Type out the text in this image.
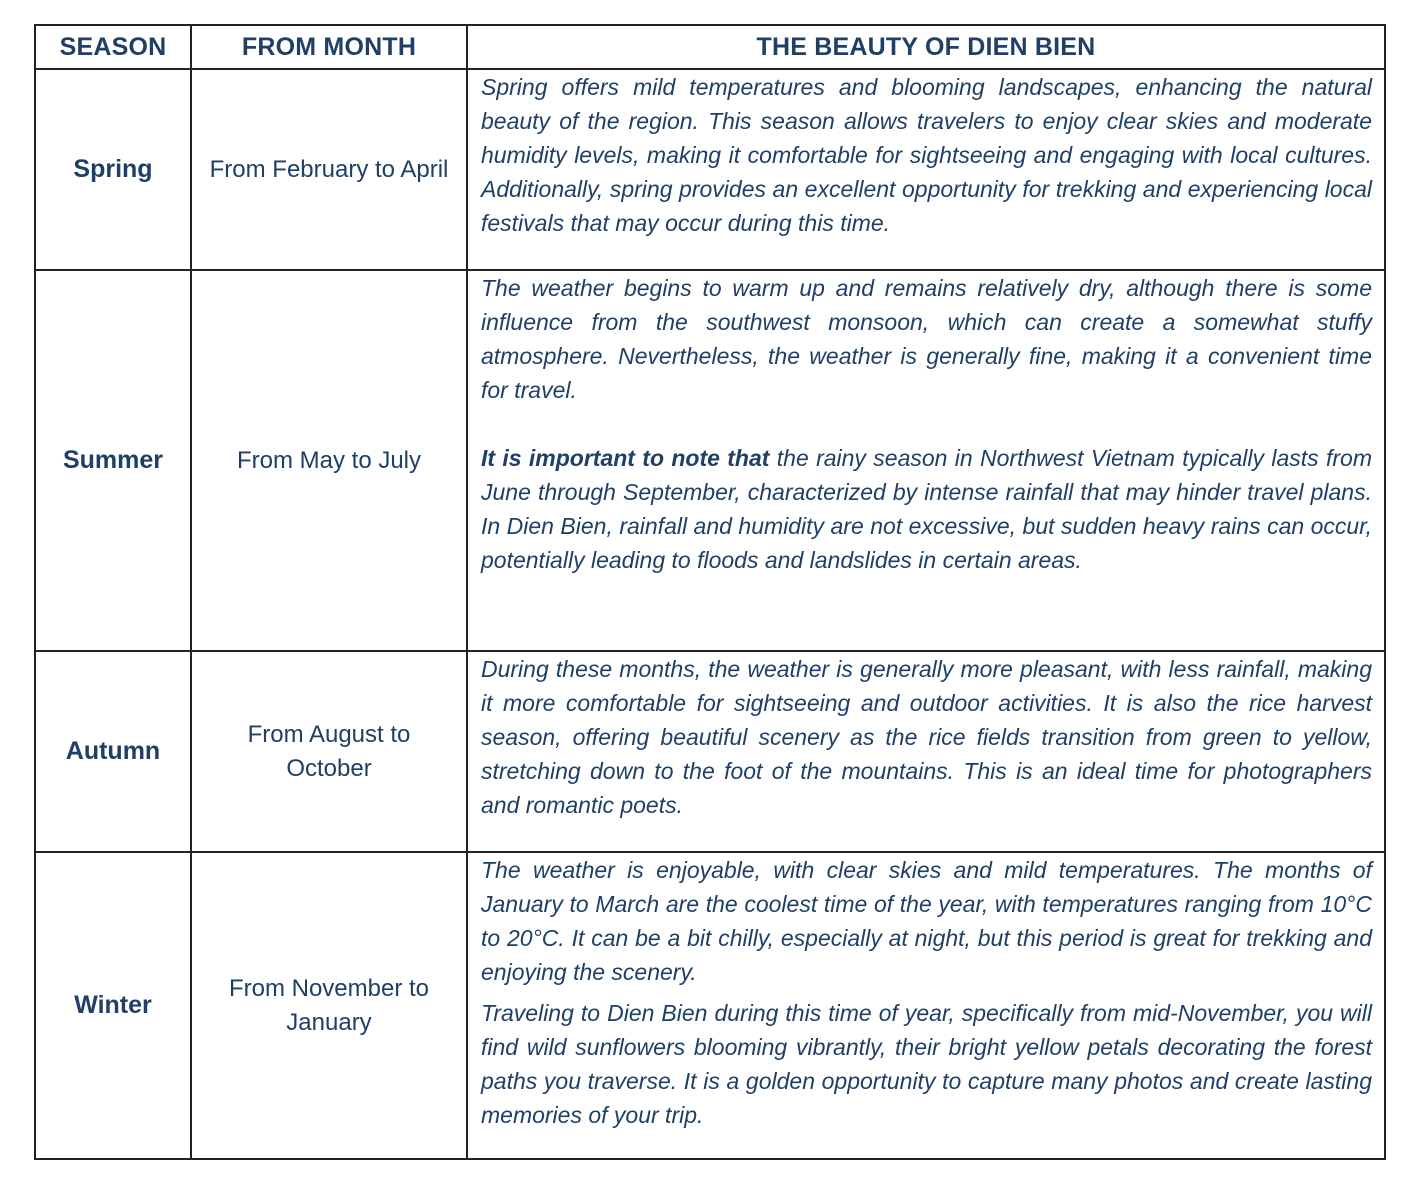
SEASON	FROM MONTH	THE BEAUTY OF DIEN BIEN
Spring	From February to April	Spring offers mild temperatures and blooming landscapes, enhancing the natural beauty of the region. This season allows travelers to enjoy clear skies and moderate humidity levels, making it comfortable for sightseeing and engaging with local cultures. Additionally, spring provides an excellent opportunity for trekking and experiencing local festivals that may occur during this time.

Summer	From May to July	The weather begins to warm up and remains relatively dry, although there is some influence from the southwest monsoon, which can create a somewhat stuffy atmosphere. Nevertheless, the weather is generally fine, making it a convenient time for travel.

It is important to note that the rainy season in Northwest Vietnam typically lasts from June through September, characterized by intense rainfall that may hinder travel plans. In Dien Bien, rainfall and humidity are not excessive, but sudden heavy rains can occur, potentially leading to floods and landslides in certain areas.

Autumn	From August to October	During these months, the weather is generally more pleasant, with less rainfall, making it more comfortable for sightseeing and outdoor activities. It is also the rice harvest season, offering beautiful scenery as the rice fields transition from green to yellow, stretching down to the foot of the mountains. This is an ideal time for photographers and romantic poets.

Winter	From November to January	The weather is enjoyable, with clear skies and mild temperatures. The months of January to March are the coolest time of the year, with temperatures ranging from 10°C to 20°C. It can be a bit chilly, especially at night, but this period is great for trekking and enjoying the scenery.

Traveling to Dien Bien during this time of year, specifically from mid-November, you will find wild sunflowers blooming vibrantly, their bright yellow petals decorating the forest paths you traverse. It is a golden opportunity to capture many photos and create lasting memories of your trip.
